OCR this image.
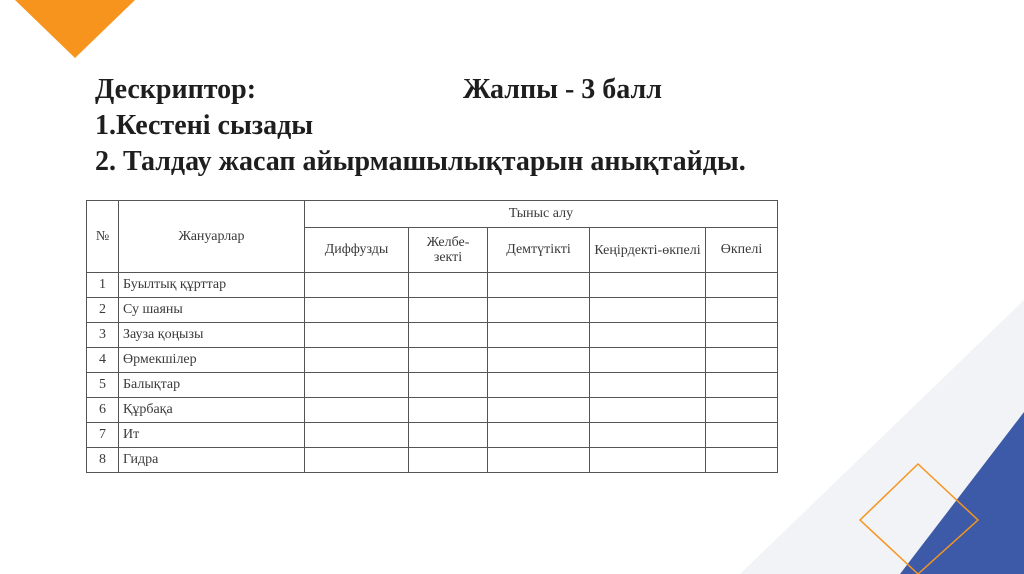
Дескриптор:	Жалпы - 3 балл
1.Кестені сызады
2. Талдау жасап айырмашылықтарын анықтайды.
№	Жануарлар	Тыныс алу				
		Диффузды	Желбе-зекті	Демтүтікті	Кеңірдекті-өкпелі	Өкпелі
1	Буылтық құрттар					
2	Су шаяны					
3	Зауза қоңызы					
4	Өрмекшілер					
5	Балықтар					
6	Құрбақа					
7	Ит					
8	Гидра					
